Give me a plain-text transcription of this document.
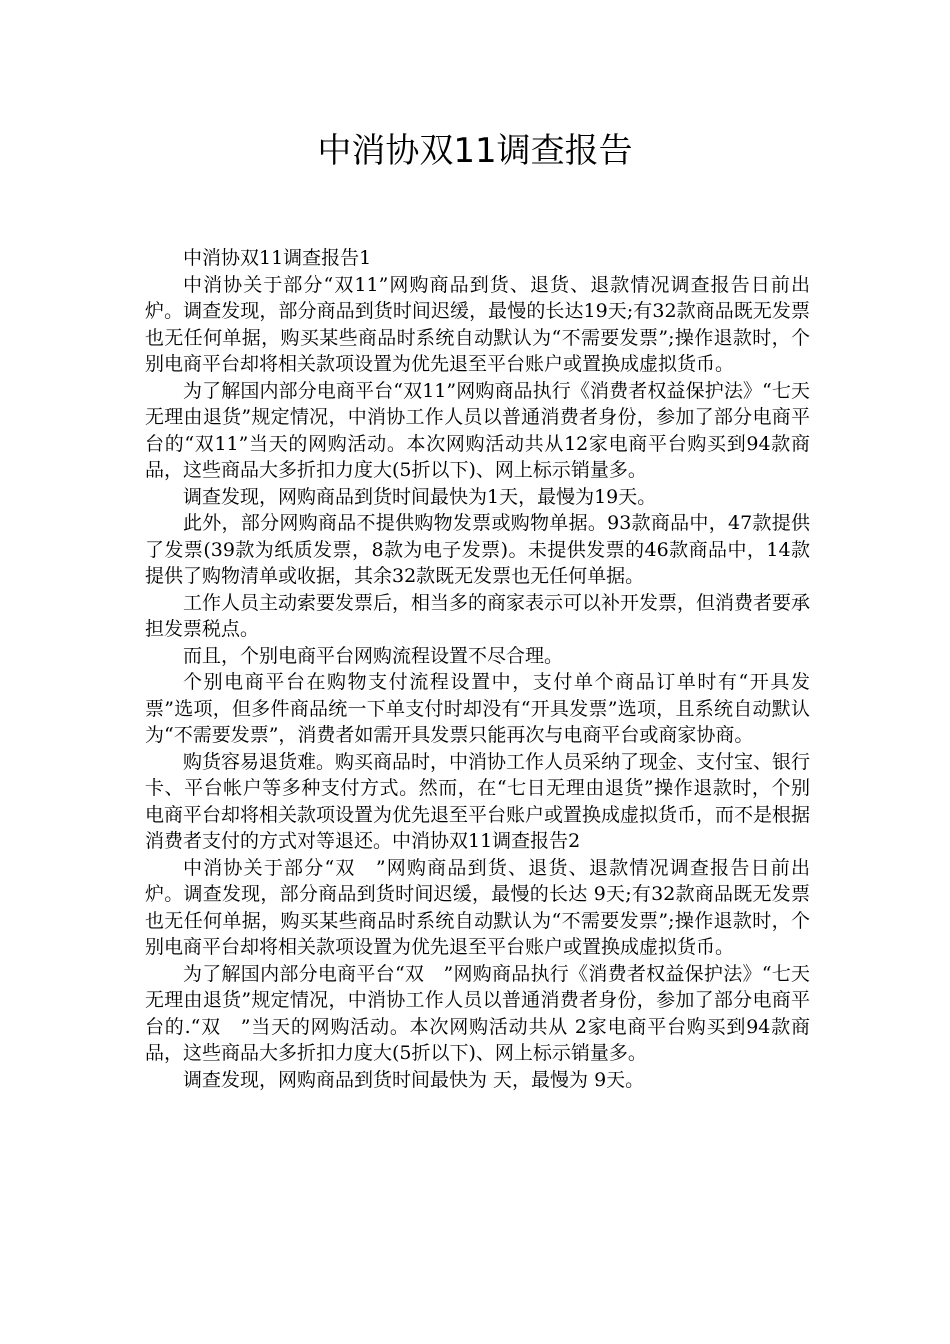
中消协双11调查报告

中消协双11调查报告1

中消协关于部分“双11”网购商品到货、退货、退款情况调查报告日前出炉。调查发现，部分商品到货时间迟缓，最慢的长达19天;有32款商品既无发票也无任何单据，购买某些商品时系统自动默认为“不需要发票”;操作退款时，个别电商平台却将相关款项设置为优先退至平台账户或置换成虚拟货币。

为了解国内部分电商平台“双11”网购商品执行《消费者权益保护法》“七天无理由退货”规定情况，中消协工作人员以普通消费者身份，参加了部分电商平台的“双11”当天的网购活动。本次网购活动共从12家电商平台购买到94款商品，这些商品大多折扣力度大(5折以下)、网上标示销量多。

调查发现，网购商品到货时间最快为1天，最慢为19天。

此外，部分网购商品不提供购物发票或购物单据。93款商品中，47款提供了发票(39款为纸质发票，8款为电子发票)。未提供发票的46款商品中，14款提供了购物清单或收据，其余32款既无发票也无任何单据。

工作人员主动索要发票后，相当多的商家表示可以补开发票，但消费者要承担发票税点。

而且，个别电商平台网购流程设置不尽合理。

个别电商平台在购物支付流程设置中，支付单个商品订单时有“开具发票”选项，但多件商品统一下单支付时却没有“开具发票”选项，且系统自动默认为“不需要发票”，消费者如需开具发票只能再次与电商平台或商家协商。

购货容易退货难。购买商品时，中消协工作人员采纳了现金、支付宝、银行卡、平台帐户等多种支付方式。然而，在“七日无理由退货”操作退款时，个别电商平台却将相关款项设置为优先退至平台账户或置换成虚拟货币，而不是根据消费者支付的方式对等退还。中消协双11调查报告2

中消协关于部分“双　”网购商品到货、退货、退款情况调查报告日前出炉。调查发现，部分商品到货时间迟缓，最慢的长达 9天;有32款商品既无发票也无任何单据，购买某些商品时系统自动默认为“不需要发票”;操作退款时，个别电商平台却将相关款项设置为优先退至平台账户或置换成虚拟货币。

为了解国内部分电商平台“双　”网购商品执行《消费者权益保护法》“七天无理由退货”规定情况，中消协工作人员以普通消费者身份，参加了部分电商平台的.“双　”当天的网购活动。本次网购活动共从 2家电商平台购买到94款商品，这些商品大多折扣力度大(5折以下)、网上标示销量多。

调查发现，网购商品到货时间最快为 天，最慢为 9天。
